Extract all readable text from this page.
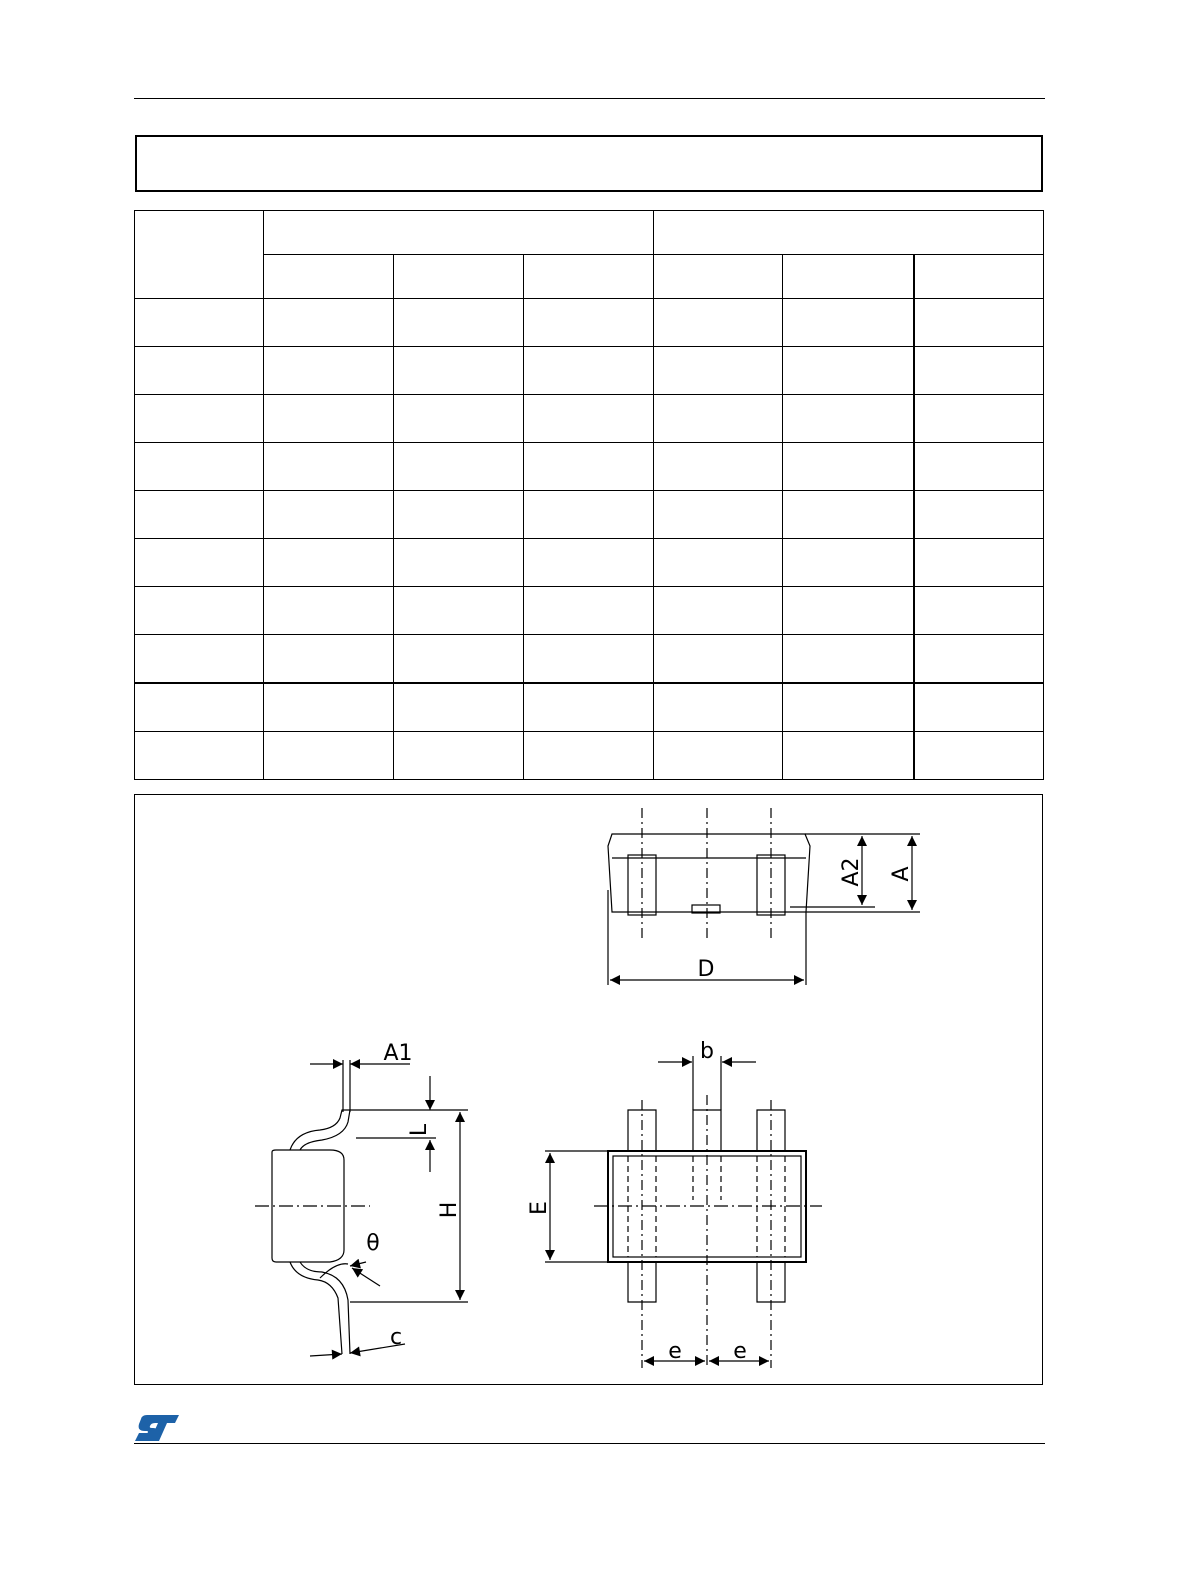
A2 A
D
A1
L
H
θ
c
b
E
e e
